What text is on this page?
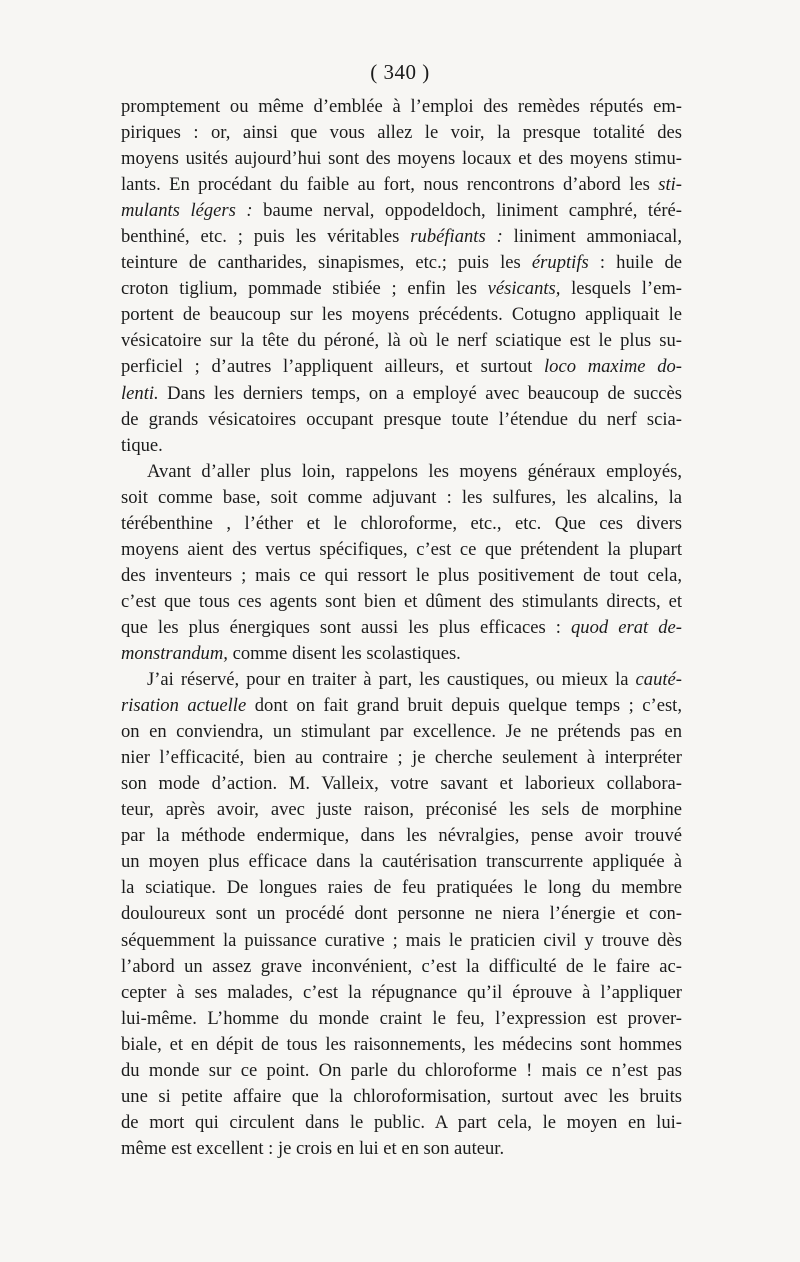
( 340 )
promptement ou même d’emblée à l’emploi des remèdes réputés em-
piriques : or, ainsi que vous allez le voir, la presque totalité des
moyens usités aujourd’hui sont des moyens locaux et des moyens stimu-
lants. En procédant du faible au fort, nous rencontrons d’abord les sti-
mulants légers : baume nerval, oppodeldoch, liniment camphré, téré-
benthiné, etc. ; puis les véritables rubéfiants : liniment ammoniacal,
teinture de cantharides, sinapismes, etc.; puis les éruptifs : huile de
croton tiglium, pommade stibiée ; enfin les vésicants, lesquels l’em-
portent de beaucoup sur les moyens précédents. Cotugno appliquait le
vésicatoire sur la tête du péroné, là où le nerf sciatique est le plus su-
perficiel ; d’autres l’appliquent ailleurs, et surtout loco maxime do-
lenti. Dans les derniers temps, on a employé avec beaucoup de succès
de grands vésicatoires occupant presque toute l’étendue du nerf scia-
tique.
Avant d’aller plus loin, rappelons les moyens généraux employés,
soit comme base, soit comme adjuvant : les sulfures, les alcalins, la
térébenthine , l’éther et le chloroforme, etc., etc. Que ces divers
moyens aient des vertus spécifiques, c’est ce que prétendent la plupart
des inventeurs ; mais ce qui ressort le plus positivement de tout cela,
c’est que tous ces agents sont bien et dûment des stimulants directs, et
que les plus énergiques sont aussi les plus efficaces : quod erat de-
monstrandum, comme disent les scolastiques.
J’ai réservé, pour en traiter à part, les caustiques, ou mieux la cauté-
risation actuelle dont on fait grand bruit depuis quelque temps ; c’est,
on en conviendra, un stimulant par excellence. Je ne prétends pas en
nier l’efficacité, bien au contraire ; je cherche seulement à interpréter
son mode d’action. M. Valleix, votre savant et laborieux collabora-
teur, après avoir, avec juste raison, préconisé les sels de morphine
par la méthode endermique, dans les névralgies, pense avoir trouvé
un moyen plus efficace dans la cautérisation transcurrente appliquée à
la sciatique. De longues raies de feu pratiquées le long du membre
douloureux sont un procédé dont personne ne niera l’énergie et con-
séquemment la puissance curative ; mais le praticien civil y trouve dès
l’abord un assez grave inconvénient, c’est la difficulté de le faire ac-
cepter à ses malades, c’est la répugnance qu’il éprouve à l’appliquer
lui-même. L’homme du monde craint le feu, l’expression est prover-
biale, et en dépit de tous les raisonnements, les médecins sont hommes
du monde sur ce point. On parle du chloroforme ! mais ce n’est pas
une si petite affaire que la chloroformisation, surtout avec les bruits
de mort qui circulent dans le public. A part cela, le moyen en lui-
même est excellent : je crois en lui et en son auteur.
